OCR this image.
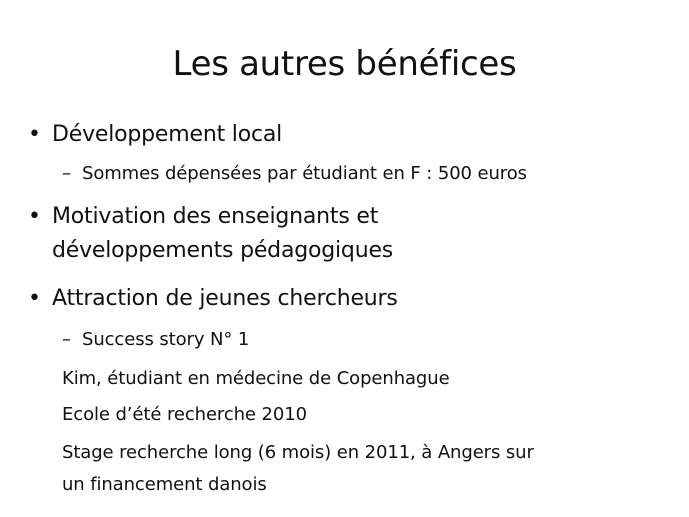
Les autres bénéfices
• Développement local
– Sommes dépensées par étudiant en F : 500 euros
• Motivation des enseignants et
développements pédagogiques
• Attraction de jeunes chercheurs
– Success story N° 1
Kim, étudiant en médecine de Copenhague
Ecole d’été recherche 2010
Stage recherche long (6 mois) en 2011, à Angers sur
un financement danois
